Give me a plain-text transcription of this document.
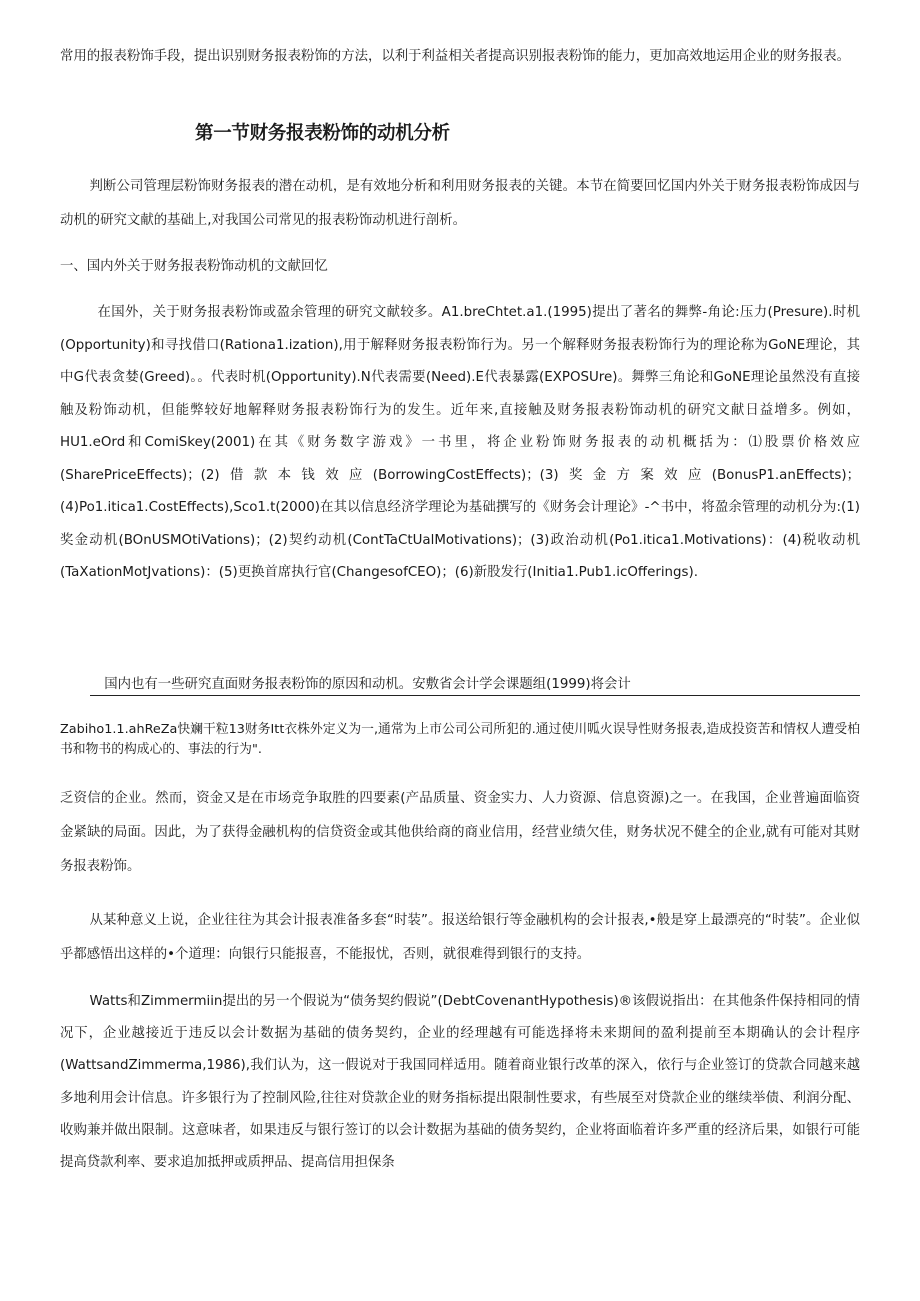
常用的报表粉饰手段，提出识别财务报表粉饰的方法，以利于利益相关者提高识别报表粉饰的能力，更加高效地运用企业的财务报表。
第一节财务报表粉饰的动机分析
判断公司管理层粉饰财务报表的潜在动机，是有效地分析和利用财务报表的关键。本节在简要回忆国内外关于财务报表粉饰成因与动机的研究文献的基础上,对我国公司常见的报表粉饰动机进行剖析。
一、国内外关于财务报表粉饰动机的文献回忆
在国外，关于财务报表粉饰或盈余管理的研究文献较多。A1.breChtet.a1.(1995)提出了著名的舞弊-角论:压力(Presure).时机(Opportunity)和寻找借口(Rationa1.ization),用于解释财务报表粉饰行为。另一个解释财务报表粉饰行为的理论称为GoNE理论，其中G代表贪婪(Greed)。。代表时机(Opportunity).N代表需要(Need).E代表暴露(EXPOSUre)。舞弊三角论和GoNE理论虽然没有直接触及粉饰动机，但能弊较好地解释财务报表粉饰行为的发生。近年来,直接触及财务报表粉饰动机的研究文献日益增多。例如，HU1.eOrd和ComiSkey(2001)在其《财务数字游戏》一书里，将企业粉饰财务报表的动机概括为：⑴股票价格效应(SharePriceEffects)；(2)借款本钱效应(BorrowingCostEffects)；(3)奖金方案效应(BonusP1.anEffects)；(4)Po1.itica1.CostEffects),Sco1.t(2000)在其以信息经济学理论为基础撰写的《财务会计理论》-^书中，将盈余管理的动机分为:(1)奖金动机(BOnUSMOtiVations)；(2)契约动机(ContTaCtUalMotivations)；(3)政治动机(Po1.itica1.Motivations)：(4)税收动机(TaXationMotJvations)：(5)更换首席执行官(ChangesofCEO)；(6)新股发行(Initia1.Pub1.icOfferings).
国内也有一些研究直面财务报表粉饰的原因和动机。安敷省会计学会课题组(1999)将会计
Zabiho1.1.ahReZa快斓干粒13财务Itt衣株外定义为一,通常为上市公司公司所犯的.通过使川呱火误导性财务报表,造成投资苦和情权人遭受柏书和物书的构成心的、事法的行为".
乏资信的企业。然而，资金又是在市场竞争取胜的四要素(产品质量、资金实力、人力资源、信息资源)之一。在我国，企业普遍面临资金紧缺的局面。因此，为了获得金融机构的信贷资金或其他供给商的商业信用，经营业绩欠佳，财务状况不健全的企业,就有可能对其财务报表粉饰。
从某种意义上说，企业往往为其会计报表准备多套“时装”。报送给银行等金融机构的会计报表,•般是穿上最漂亮的“时装”。企业似乎都感悟出这样的•个道理：向银行只能报喜，不能报忧，否则，就很难得到银行的支持。
Watts和Zimmermiin提出的另一个假说为“债务契约假说”(DebtCovenantHypothesis)®该假说指出：在其他条件保持相同的情况下，企业越接近于违反以会计数据为基础的债务契约，企业的经理越有可能选择将未来期间的盈利提前至本期确认的会计程序(WattsandZimmerma,1986),我们认为，这一假说对于我国同样适用。随着商业银行改革的深入，依行与企业签订的贷款合同越来越多地利用会计信息。许多银行为了控制风险,往往对贷款企业的财务指标提出限制性要求，有些展至对贷款企业的继续举债、利润分配、收购兼并做出限制。这意味者，如果违反与银行签订的以会计数据为基础的债务契约，企业将面临着许多严重的经济后果，如银行可能提高贷款利率、要求追加抵押或质押品、提高信用担保条
